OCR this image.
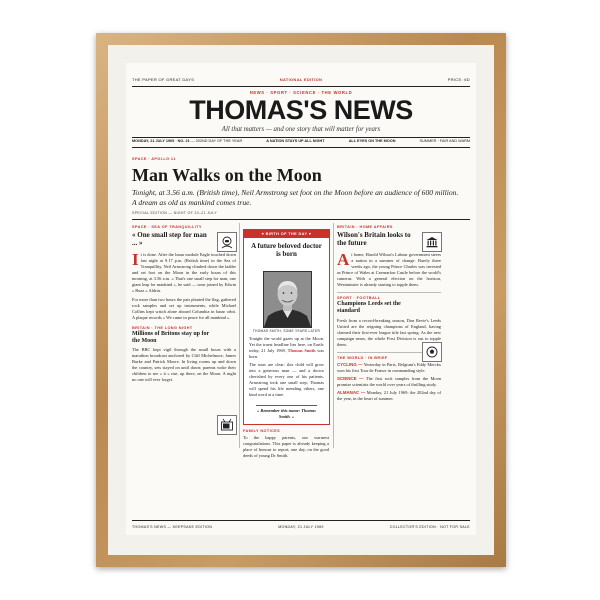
THE PAPER OF GREAT DAYS	NATIONAL EDITION	PRICE: 6D
NEWS · SPORT · SCIENCE · THE WORLD
THOMAS'S NEWS
All that matters — and one story that will matter for years
MONDAY, 21 JULY 1969 · NO. 21 — 202ND DAY OF THE YEAR	A NATION STAYS UP ALL NIGHT	ALL EYES ON THE MOON	SUMMER · FAIR AND WARM
SPACE · APOLLO 11
Man Walks on the Moon
Tonight, at 3.56 a.m. (British time), Neil Armstrong set foot on the Moon before an audience of 600 million. A dream as old as mankind comes true.
SPECIAL EDITION — NIGHT OF 20–21 JULY
SPACE · SEA OF TRANQUILLITY
« One small step for man ... »
It is done. After the lunar module Eagle touched down last night at 9.17 p.m. (British time) in the Sea of Tranquillity, Neil Armstrong climbed down the ladder and set foot on the Moon in the early hours of this morning, at 3.56 a.m. « That's one small step for man, one giant leap for mankind », he said — soon joined by Edwin « Buzz » Aldrin.
For more than two hours the pair planted the flag, gathered rock samples and set up instruments, while Michael Collins kept watch alone aboard Columbia in lunar orbit. A plaque records « We came in peace for all mankind ».
BRITAIN · THE LONG NIGHT
Millions of Britons stay up for the Moon
The BBC kept vigil through the small hours with a marathon broadcast anchored by Cliff Michelmore, James Burke and Patrick Moore. In living rooms up and down the country, sets stayed on until dawn; parents woke their children to see « it » rise, up there, on the Moon. A night no one will ever forget.
♥ BIRTH OF THE DAY ♥
A future beloved doctor is born
THOMAS SMITH, SOME YEARS LATER
Tonight the world gazes up at the Moon. Yet the truest headline lies here, on Earth: today, 21 July 1969, Thomas Smith was born.
The stars are clear: this child will grow into a generous man — and a doctor cherished by every one of his patients. Armstrong took one small step; Thomas will spend his life mending others, one kind word at a time.
« Remember this name: Thomas Smith. »
FAMILY NOTICES
To the happy parents, our warmest congratulations. This paper is already keeping a place of honour to report, one day, on the good deeds of young Dr Smith.
BRITAIN · HOME AFFAIRS
Wilson's Britain looks to the future
A t home, Harold Wilson's Labour government steers a nation in a summer of change. Barely three weeks ago, the young Prince Charles was invested as Prince of Wales at Caernarfon Castle before the world's cameras. With a general election on the horizon, Westminster is already starting to topple them.
SPORT · FOOTBALL
Champions Leeds set the standard
Fresh from a record-breaking season, Don Revie's Leeds United are the reigning champions of England, having claimed their first-ever league title last spring. As the new campaign nears, the whole First Division is out to topple them.
THE WORLD · IN BRIEF
CYCLING — Yesterday in Paris, Belgium's Eddy Merckx won his first Tour de France in commanding style.
SCIENCE — The first rock samples from the Moon promise scientists the world over years of thrilling study.
ALMANAC — Monday, 21 July 1969: the 202nd day of the year, in the heart of summer.
THOMAS'S NEWS — KEEPSAKE EDITION	MONDAY, 21 JULY 1969	COLLECTOR'S EDITION · NOT FOR SALE
